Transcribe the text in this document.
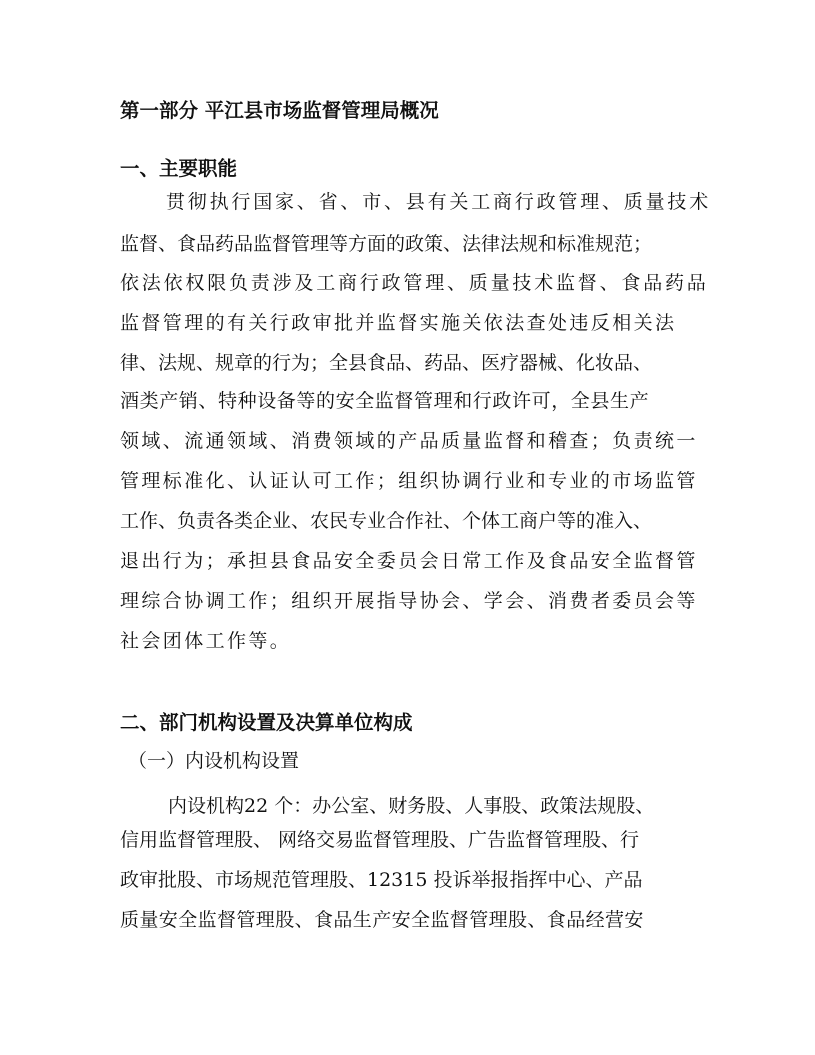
第一部分 平江县市场监督管理局概况
一、主要职能
贯彻执行国家、省、市、县有关工商行政管理、质量技术
监督、食品药品监督管理等方面的政策、法律法规和标准规范；
依法依权限负责涉及工商行政管理、质量技术监督、食品药品
监督管理的有关行政审批并监督实施关依法查处违反相关法
律、法规、规章的行为；全县食品、药品、医疗器械、化妆品、
酒类产销、特种设备等的安全监督管理和行政许可，全县生产
领域、流通领域、消费领域的产品质量监督和稽查；负责统一
管理标准化、认证认可工作；组织协调行业和专业的市场监管
工作、负责各类企业、农民专业合作社、个体工商户等的准入、
退出行为；承担县食品安全委员会日常工作及食品安全监督管
理综合协调工作；组织开展指导协会、学会、消费者委员会等
社会团体工作等。
二、部门机构设置及决算单位构成
（一）内设机构设置
内设机构22 个：办公室、财务股、人事股、政策法规股、
信用监督管理股、 网络交易监督管理股、广告监督管理股、行
政审批股、市场规范管理股、12315 投诉举报指挥中心、产品
质量安全监督管理股、食品生产安全监督管理股、食品经营安
